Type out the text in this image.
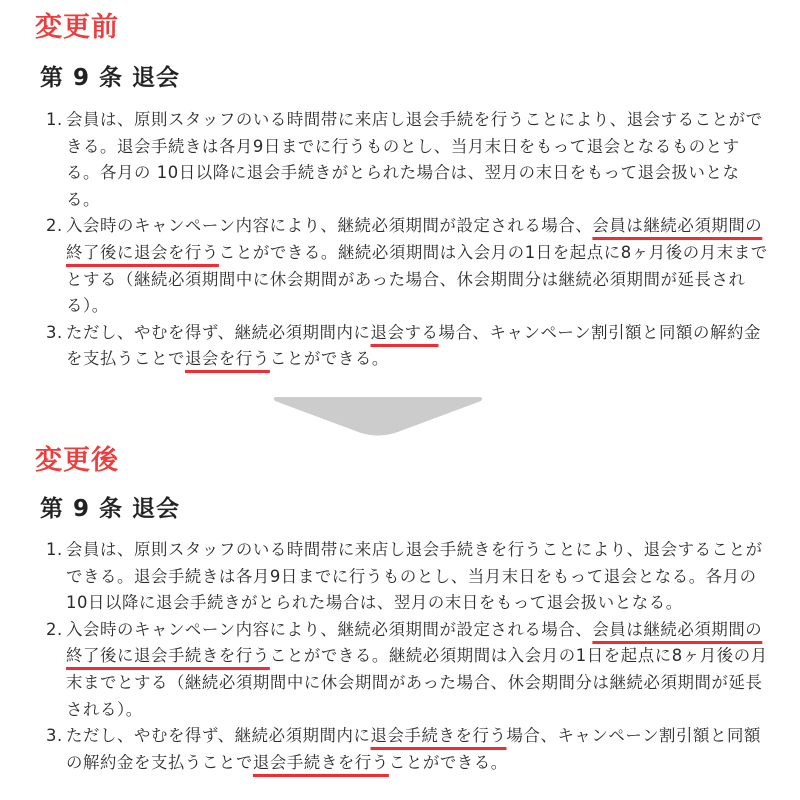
変更前
第 9 条 退会
1. 会員は、原則スタッフのいる時間帯に来店し退会手続を行うことにより、退会することがで
きる。退会手続きは各月9日までに行うものとし、当月末日をもって退会となるものとす
る。各月の 10日以降に退会手続きがとられた場合は、翌月の末日をもって退会扱いとな
る。
2. 入会時のキャンペーン内容により、継続必須期間が設定される場合、会員は継続必須期間の
終了後に退会を行うことができる。継続必須期間は入会月の1日を起点に8ヶ月後の月末まで
とする（継続必須期間中に休会期間があった場合、休会期間分は継続必須期間が延長され
る）。
3. ただし、やむを得ず、継続必須期間内に退会する場合、キャンペーン割引額と同額の解約金
を支払うことで退会を行うことができる。
変更後
第 9 条 退会
1. 会員は、原則スタッフのいる時間帯に来店し退会手続きを行うことにより、退会することが
できる。退会手続きは各月9日までに行うものとし、当月末日をもって退会となる。各月の
10日以降に退会手続きがとられた場合は、翌月の末日をもって退会扱いとなる。
2. 入会時のキャンペーン内容により、継続必須期間が設定される場合、会員は継続必須期間の
終了後に退会手続きを行うことができる。継続必須期間は入会月の1日を起点に8ヶ月後の月
末までとする（継続必須期間中に休会期間があった場合、休会期間分は継続必須期間が延長
される）。
3. ただし、やむを得ず、継続必須期間内に退会手続きを行う場合、キャンペーン割引額と同額
の解約金を支払うことで退会手続きを行うことができる。
